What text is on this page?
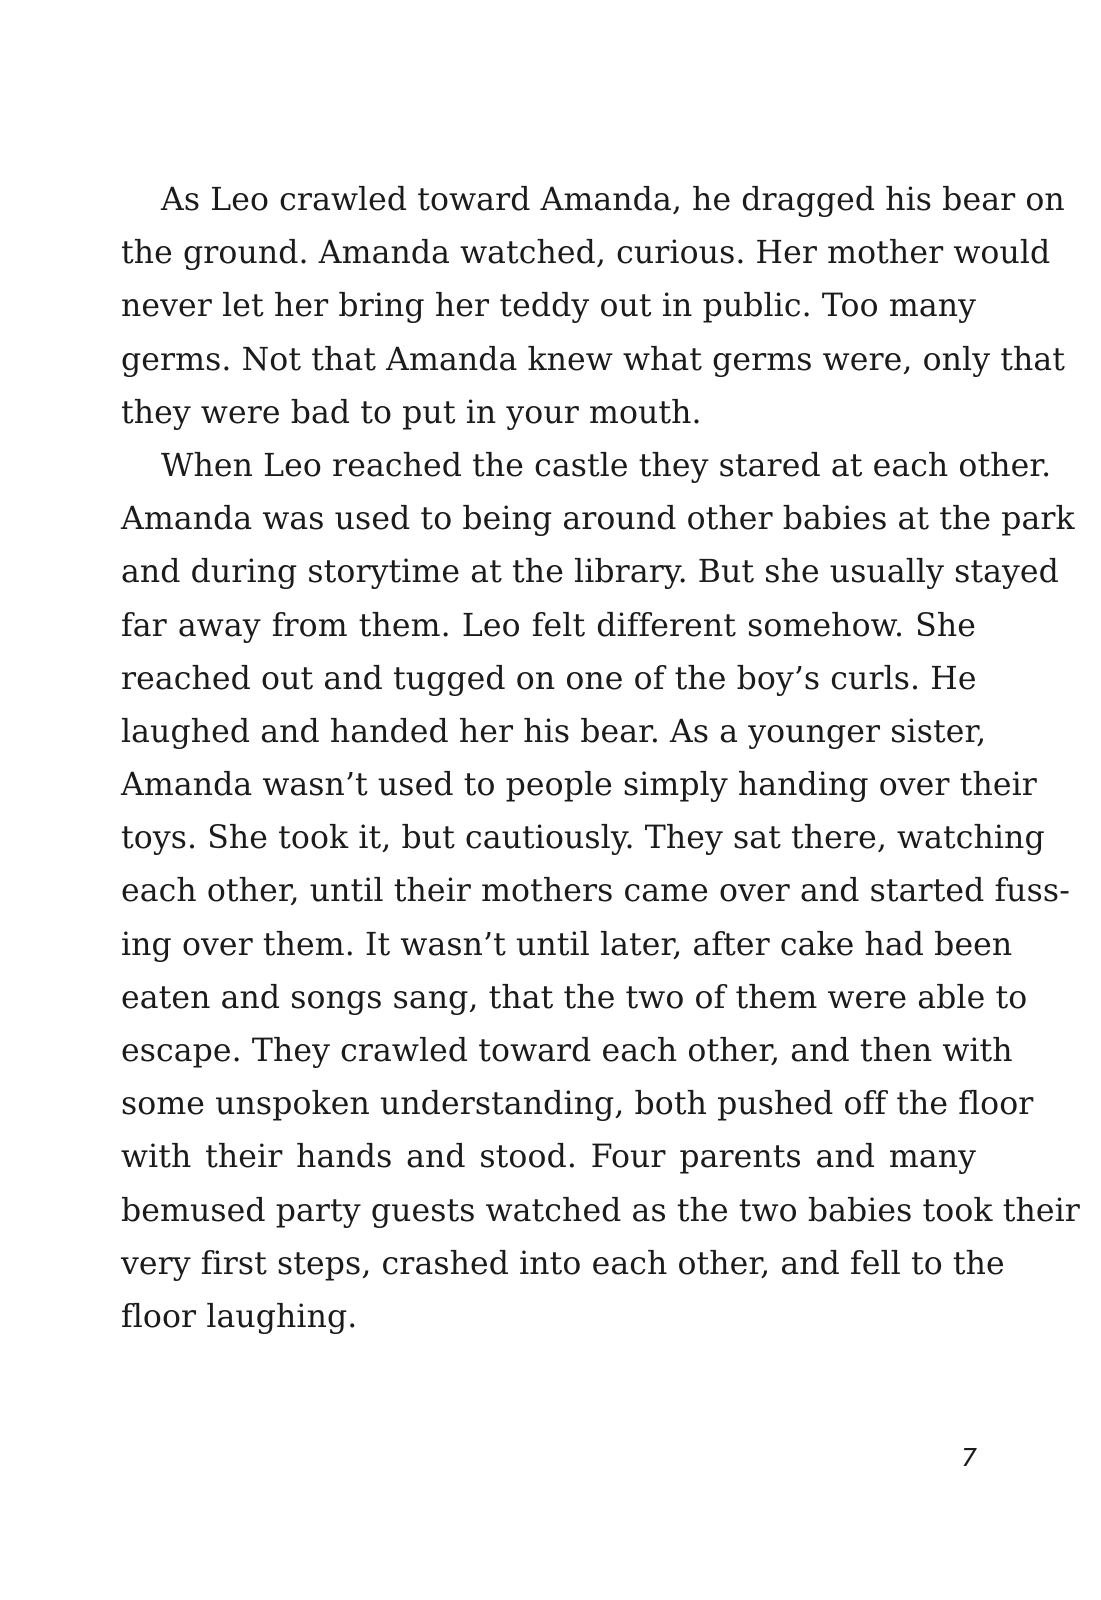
As Leo crawled toward Amanda, he dragged his bear on
the ground. Amanda watched, curious. Her mother would
never let her bring her teddy out in public. Too many
germs. Not that Amanda knew what germs were, only that
they were bad to put in your mouth.
When Leo reached the castle they stared at each other.
Amanda was used to being around other babies at the park
and during storytime at the library. But she usually stayed
far away from them. Leo felt different somehow. She
reached out and tugged on one of the boy’s curls. He
laughed and handed her his bear. As a younger sister,
Amanda wasn’t used to people simply handing over their
toys. She took it, but cautiously. They sat there, watching
each other, until their mothers came over and started fuss-
ing over them. It wasn’t until later, after cake had been
eaten and songs sang, that the two of them were able to
escape. They crawled toward each other, and then with
some unspoken understanding, both pushed off the floor
with their hands and stood. Four parents and many
bemused party guests watched as the two babies took their
very first steps, crashed into each other, and fell to the
floor laughing.
7
